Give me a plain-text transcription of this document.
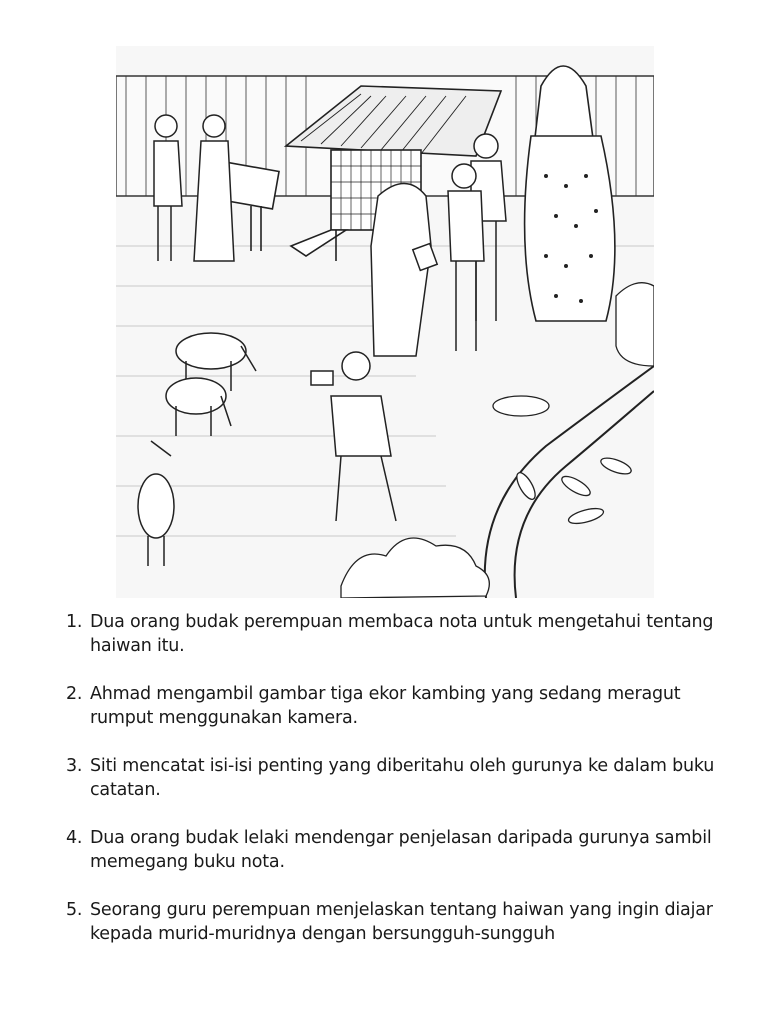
1. Dua orang budak perempuan membaca nota untuk mengetahui tentang haiwan itu.
2. Ahmad mengambil gambar tiga ekor kambing yang sedang meragut rumput menggunakan kamera.
3. Siti mencatat isi-isi penting yang diberitahu oleh gurunya ke dalam buku catatan.
4. Dua orang budak lelaki mendengar penjelasan daripada gurunya sambil memegang buku nota.
5. Seorang guru perempuan menjelaskan tentang haiwan yang ingin diajar kepada murid-muridnya dengan bersungguh-sungguh
